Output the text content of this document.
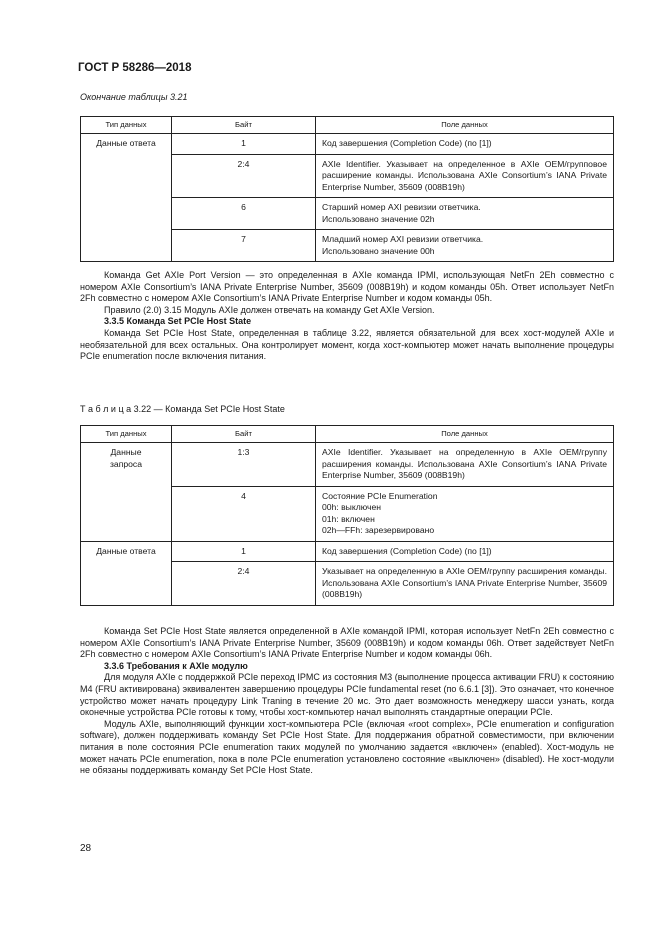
ГОСТ Р 58286—2018
Окончание таблицы 3.21
Тип данных	Байт	Поле данных
Данные ответа	1	Код завершения (Completion Code) (по [1])
	2:4	AXIe Identifier. Указывает на определенное в AXIe OEM/групповое расширение команды. Использована AXIe Consortium’s IANA Private Enterprise Number, 35609 (008B19h)
	6	Старший номер AXI ревизии ответчика.
Использовано значение 02h
	7	Младший номер AXI ревизии ответчика.
Использовано значение 00h

Команда Get AXIe Port Version — это определенная в AXIe команда IPMI, использующая NetFn 2Eh совместно с номером AXIe Consortium’s IANA Private Enterprise Number, 35609 (008B19h) и кодом команды 05h. Ответ использует NetFn 2Fh совместно с номером AXIe Consortium’s IANA Private Enterprise Number и кодом команды 05h.

Правило (2.0) 3.15 Модуль AXIe должен отвечать на команду Get AXIe Version.

3.3.5 Команда Set PCIe Host State

Команда Set PCIe Host State, определенная в таблице 3.22, является обязательной для всех хост-модулей AXIe и необязательной для всех остальных. Она контролирует момент, когда хост-компьютер может начать выполнение процедуры PCIe enumeration после включения питания.

Т а б л и ц а 3.22 — Команда Set PCIe Host State
Тип данных	Байт	Поле данных

Данные запроса	1:3	AXIe Identifier. Указывает на определенную в AXIe OEM/группу расширения команды. Использована AXIe Consortium’s IANA Private Enterprise Number, 35609 (008B19h)
	4	Состояние PCIe Enumeration
00h: выключен
01h: включен
02h—FFh: зарезервировано
Данные ответа	1	Код завершения (Completion Code) (по [1])
	2:4	Указывает на определенную в AXIe OEM/группу расширения команды. Использована AXIe Consortium’s IANA Private Enterprise Number, 35609 (008B19h)

Команда Set PCIe Host State является определенной в AXIe командой IPMI, которая использует NetFn 2Eh совместно с номером AXIe Consortium’s IANA Private Enterprise Number, 35609 (008B19h) и кодом команды 06h. Ответ задействует NetFn 2Fh совместно с номером AXIe Consortium’s IANA Private Enterprise Number и кодом команды 06h.

3.3.6 Требования к AXIe модулю

Для модуля AXIe с поддержкой PCIe переход IPMC из состояния M3 (выполнение процесса активации FRU) к состоянию M4 (FRU активирована) эквивалентен завершению процедуры PCIe fundamental reset (по 6.6.1 [3]). Это означает, что конечное устройство может начать процедуру Link Traning в течение 20 мс. Это дает возможность менеджеру шасси узнать, когда оконечные устройства PCIe готовы к тому, чтобы хост-компьютер начал выполнять стандартные операции PCIe.

Модуль AXIe, выполняющий функции хост-компьютера PCIe (включая «root complex», PCIe enumeration и configuration software), должен поддерживать команду Set PCIe Host State. Для поддержания обратной совместимости, при включении питания в поле состояния PCIe enumeration таких модулей по умолчанию задается «включен» (enabled). Хост-модуль не может начать PCIe enumeration, пока в поле PCIe enumeration установлено состояние «выключен» (disabled). Не хост-модули не обязаны поддерживать команду Set PCIe Host State.

28
